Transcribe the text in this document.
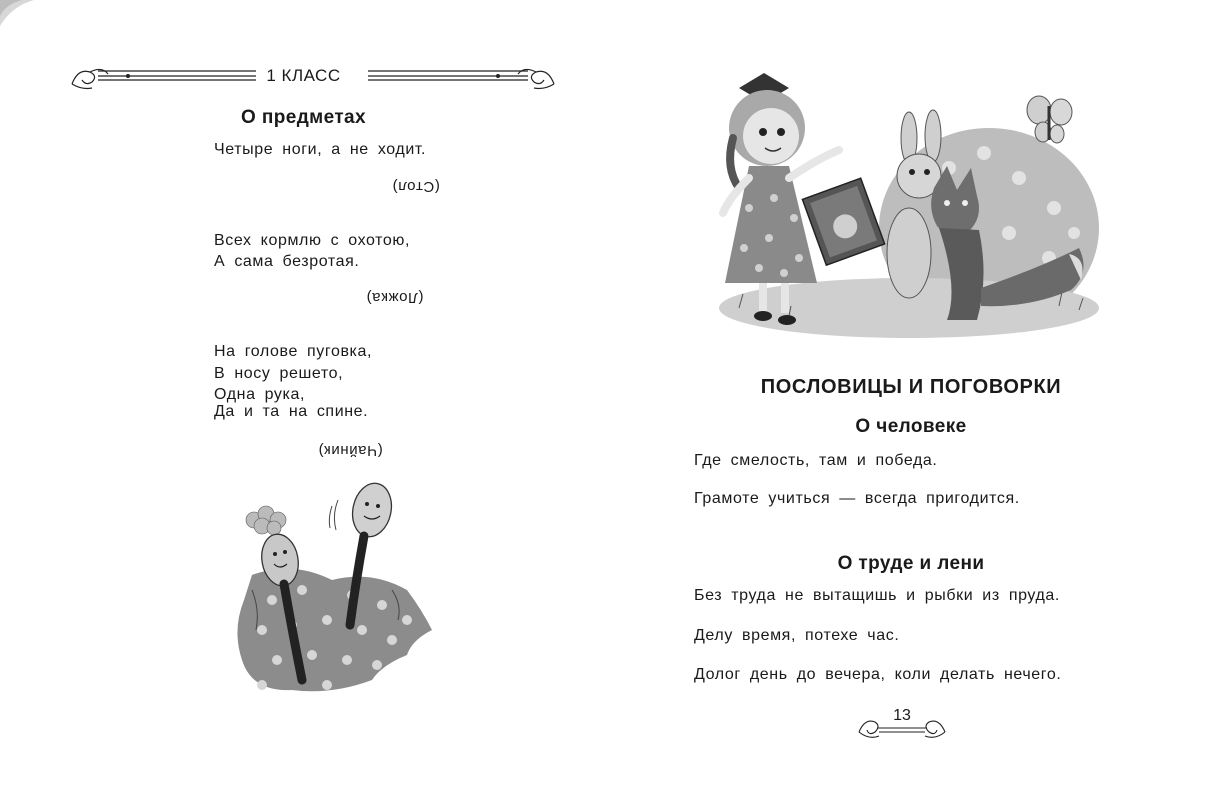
1 КЛАСС
О предметах
Четыре ноги, а не ходит.
(Стол)
Всех кормлю с охотою,
А сама безротая.
(Ложка)
На голове пуговка,
В носу решето,
Одна рука,
Да и та на спине.
(Чайник)
ПОСЛОВИЦЫ И ПОГОВОРКИ
О человеке
Где смелость, там и победа.
Грамоте учиться — всегда пригодится.
О труде и лени
Без труда не вытащишь и рыбки из пруда.
Делу время, потехе час.
Долог день до вечера, коли делать нечего.
13
